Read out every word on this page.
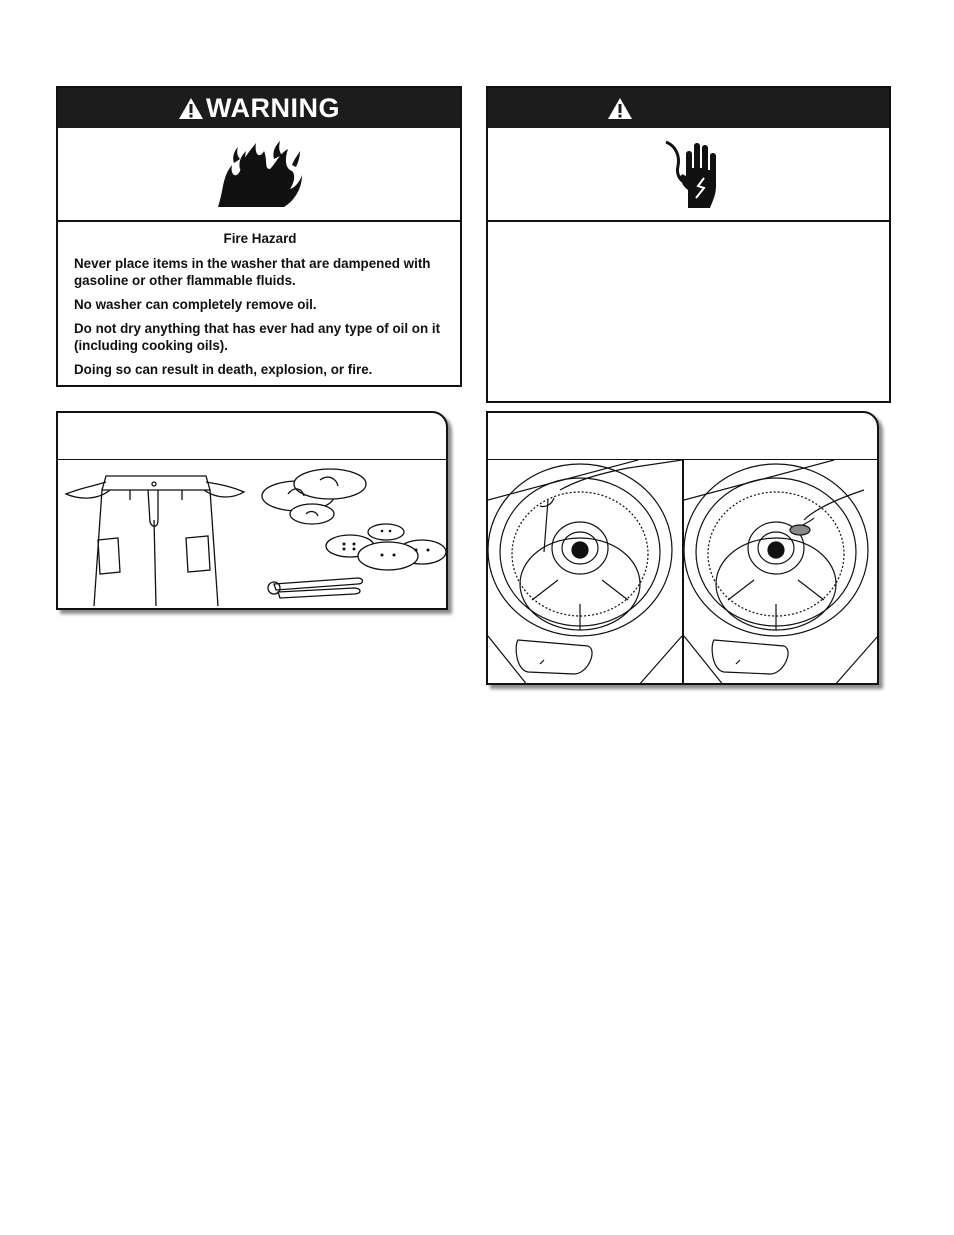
WARNING
Fire Hazard

Never place items in the washer that are dampened with gasoline or other flammable fluids.

No washer can completely remove oil.

Do not dry anything that has ever had any type of oil on it (including cooking oils).

Doing so can result in death, explosion, or fire.
